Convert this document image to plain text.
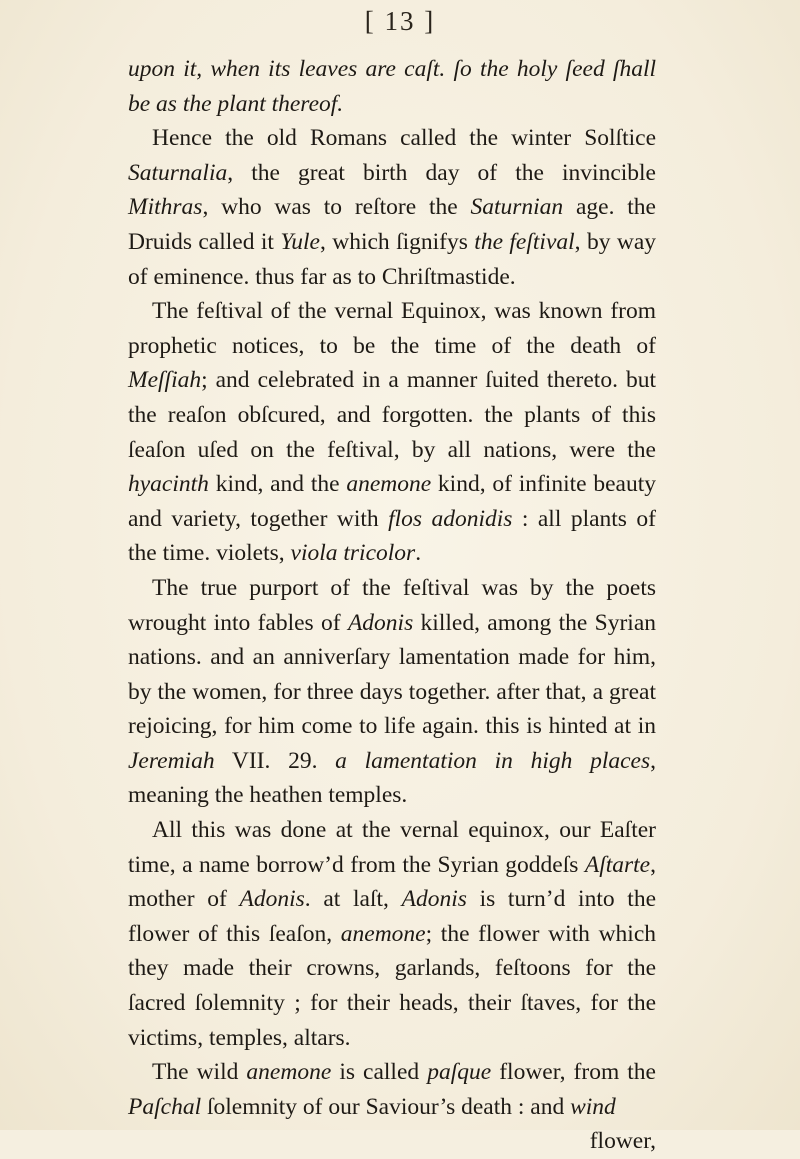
[ 13 ]

upon it, when its leaves are caſt. ſo the holy ſeed ſhall be as the plant thereof.

Hence the old Romans called the winter Solſtice Saturnalia, the great birth day of the invincible Mithras, who was to reſtore the Saturnian age. the Druids called it Yule, which ſignifys the feſtival, by way of eminence. thus far as to Chriſtmastide.

The feſtival of the vernal Equinox, was known from prophetic notices, to be the time of the death of Meſſiah; and celebrated in a manner ſuited thereto. but the reaſon obſcured, and forgotten. the plants of this ſeaſon uſed on the feſtival, by all nations, were the hyacinth kind, and the anemone kind, of infinite beauty and variety, together with flos adonidis : all plants of the time. violets, viola tricolor.

The true purport of the feſtival was by the poets wrought into fables of Adonis killed, among the Syrian nations. and an anniverſary lamentation made for him, by the women, for three days together. after that, a great rejoicing, for him come to life again. this is hinted at in Jeremiah VII. 29. a lamentation in high places, meaning the heathen temples.

All this was done at the vernal equinox, our Eaſter time, a name borrow’d from the Syrian goddeſs Aſtarte, mother of Adonis. at laſt, Adonis is turn’d into the flower of this ſeaſon, anemone; the flower with which they made their crowns, garlands, feſtoons for the ſacred ſolemnity ; for their heads, their ſtaves, for the victims, temples, altars.

The wild anemone is called paſque flower, from the Paſchal ſolemnity of our Saviour’s death : and wind

flower,
